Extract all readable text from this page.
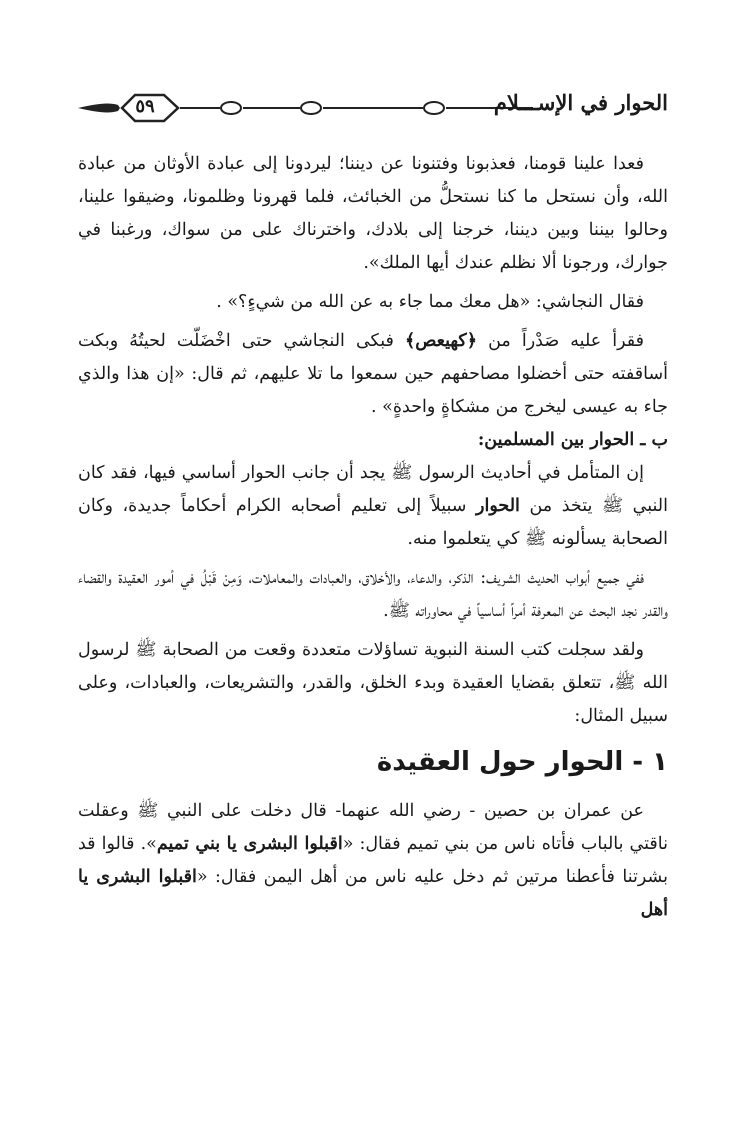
٥٩	الحوار في الإســـلام

فعدا علينا قومنا، فعذبونا وفتنونا عن ديننا؛ ليردونا إلى عبادة الأوثان من عبادة الله، وأن نستحل ما كنا نستحلُّ من الخبائث، فلما قهرونا وظلمونا، وضيقوا علينا، وحالوا بيننا وبين ديننا، خرجنا إلى بلادك، واخترناك على من سواك، ورغبنا في جوارك، ورجونا ألا نظلم عندك أيها الملك».

فقال النجاشي: «هل معك مما جاء به عن الله من شيءٍ؟» .

فقرأ عليه صَدْراً من ﴿كهيعص﴾ فبكى النجاشي حتى اخْضَلّت لحيتُهُ وبكت أساقفته حتى أخضلوا مصاحفهم حين سمعوا ما تلا عليهم، ثم قال: «إن هذا والذي جاء به عيسى ليخرج من مشكاةٍ واحدةٍ» .

ب ـ الحوار بين المسلمين:

إن المتأمل في أحاديث الرسول ﷺ يجد أن جانب الحوار أساسي فيها، فقد كان النبي ﷺ يتخذ من الحوار سبيلاً إلى تعليم أصحابه الكرام أحكاماً جديدة، وكان الصحابة يسألونه ﷺ كي يتعلموا منه.

ففي جميع أبواب الحديث الشريف: الذكر، والدعاء، والأخلاق، والعبادات والمعاملات، وَمِنْ قَبْلُ في أمور العقيدة والقضاء والقدر نجد البحث عن المعرفة أمراً أساسياً في محاوراته ﷺ.

ولقد سجلت كتب السنة النبوية تساؤلات متعددة وقعت من الصحابة ﷺ لرسول الله ﷺ، تتعلق بقضايا العقيدة وبدء الخلق، والقدر، والتشريعات، والعبادات، وعلى سبيل المثال:

١ - الحوار حول العقيدة

عن عمران بن حصين - رضي الله عنهما- قال دخلت على النبي ﷺ وعقلت ناقتي بالباب فأتاه ناس من بني تميم فقال: «اقبلوا البشرى يا بني تميم». قالوا قد بشرتنا فأعطنا مرتين ثم دخل عليه ناس من أهل اليمن فقال: «اقبلوا البشرى يا أهل
